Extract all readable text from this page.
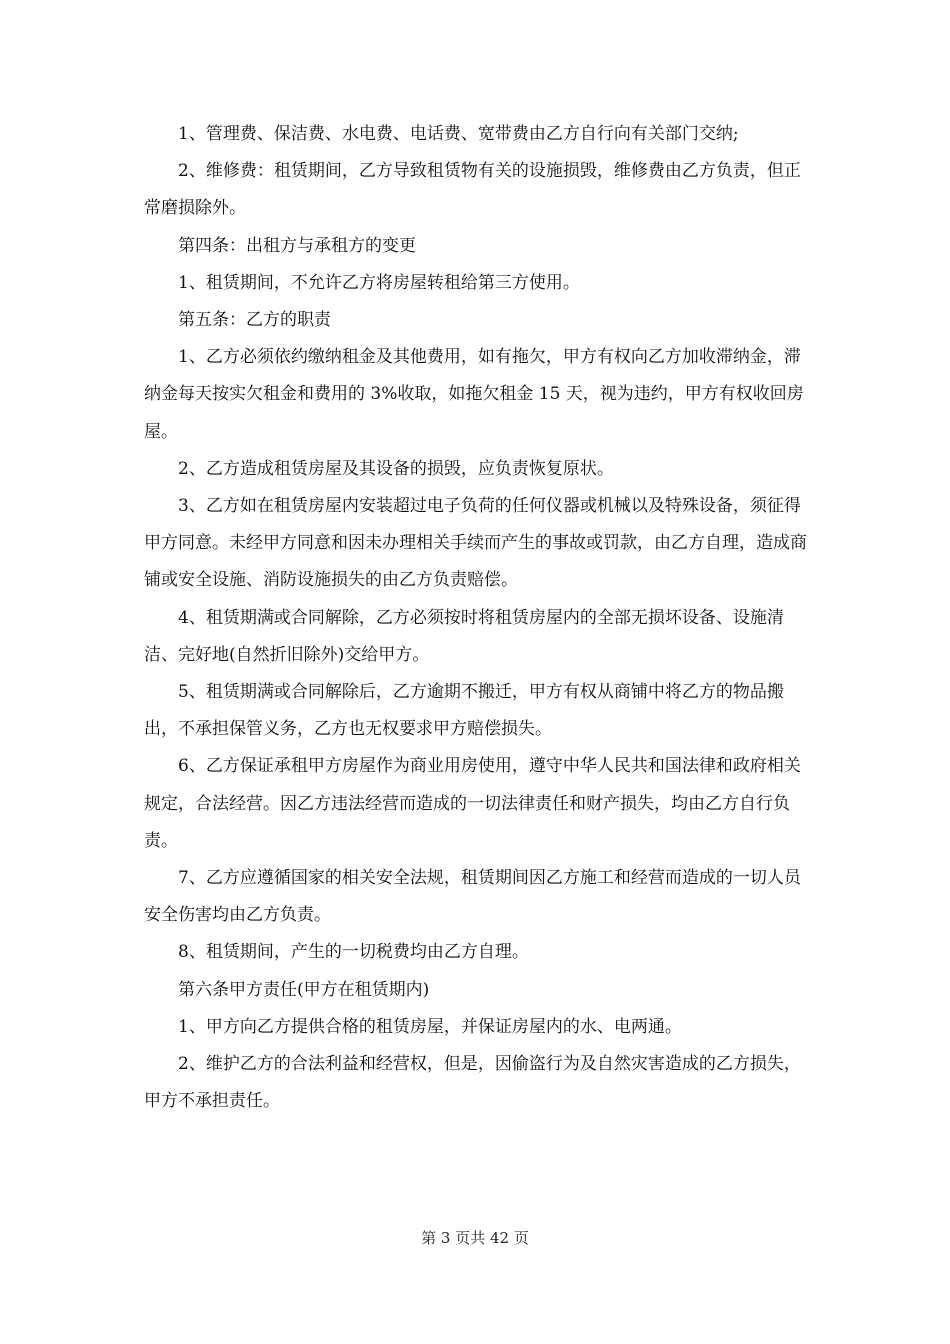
1、管理费、保洁费、水电费、电话费、宽带费由乙方自行向有关部门交纳;

2、维修费：租赁期间，乙方导致租赁物有关的设施损毁，维修费由乙方负责，但正常磨损除外。

第四条：出租方与承租方的变更

1、租赁期间，不允许乙方将房屋转租给第三方使用。

第五条：乙方的职责

1、乙方必须依约缴纳租金及其他费用，如有拖欠，甲方有权向乙方加收滞纳金，滞纳金每天按实欠租金和费用的 3%收取，如拖欠租金 15 天，视为违约，甲方有权收回房屋。

2、乙方造成租赁房屋及其设备的损毁，应负责恢复原状。

3、乙方如在租赁房屋内安装超过电子负荷的任何仪器或机械以及特殊设备，须征得甲方同意。未经甲方同意和因未办理相关手续而产生的事故或罚款，由乙方自理，造成商铺或安全设施、消防设施损失的由乙方负责赔偿。

4、租赁期满或合同解除，乙方必须按时将租赁房屋内的全部无损坏设备、设施清洁、完好地(自然折旧除外)交给甲方。

5、租赁期满或合同解除后，乙方逾期不搬迁，甲方有权从商铺中将乙方的物品搬出，不承担保管义务，乙方也无权要求甲方赔偿损失。

6、乙方保证承租甲方房屋作为商业用房使用，遵守中华人民共和国法律和政府相关规定，合法经营。因乙方违法经营而造成的一切法律责任和财产损失，均由乙方自行负责。

7、乙方应遵循国家的相关安全法规，租赁期间因乙方施工和经营而造成的一切人员安全伤害均由乙方负责。

8、租赁期间，产生的一切税费均由乙方自理。

第六条甲方责任(甲方在租赁期内)

1、甲方向乙方提供合格的租赁房屋，并保证房屋内的水、电两通。

2、维护乙方的合法利益和经营权，但是，因偷盗行为及自然灾害造成的乙方损失，甲方不承担责任。

第 3 页共 42 页
